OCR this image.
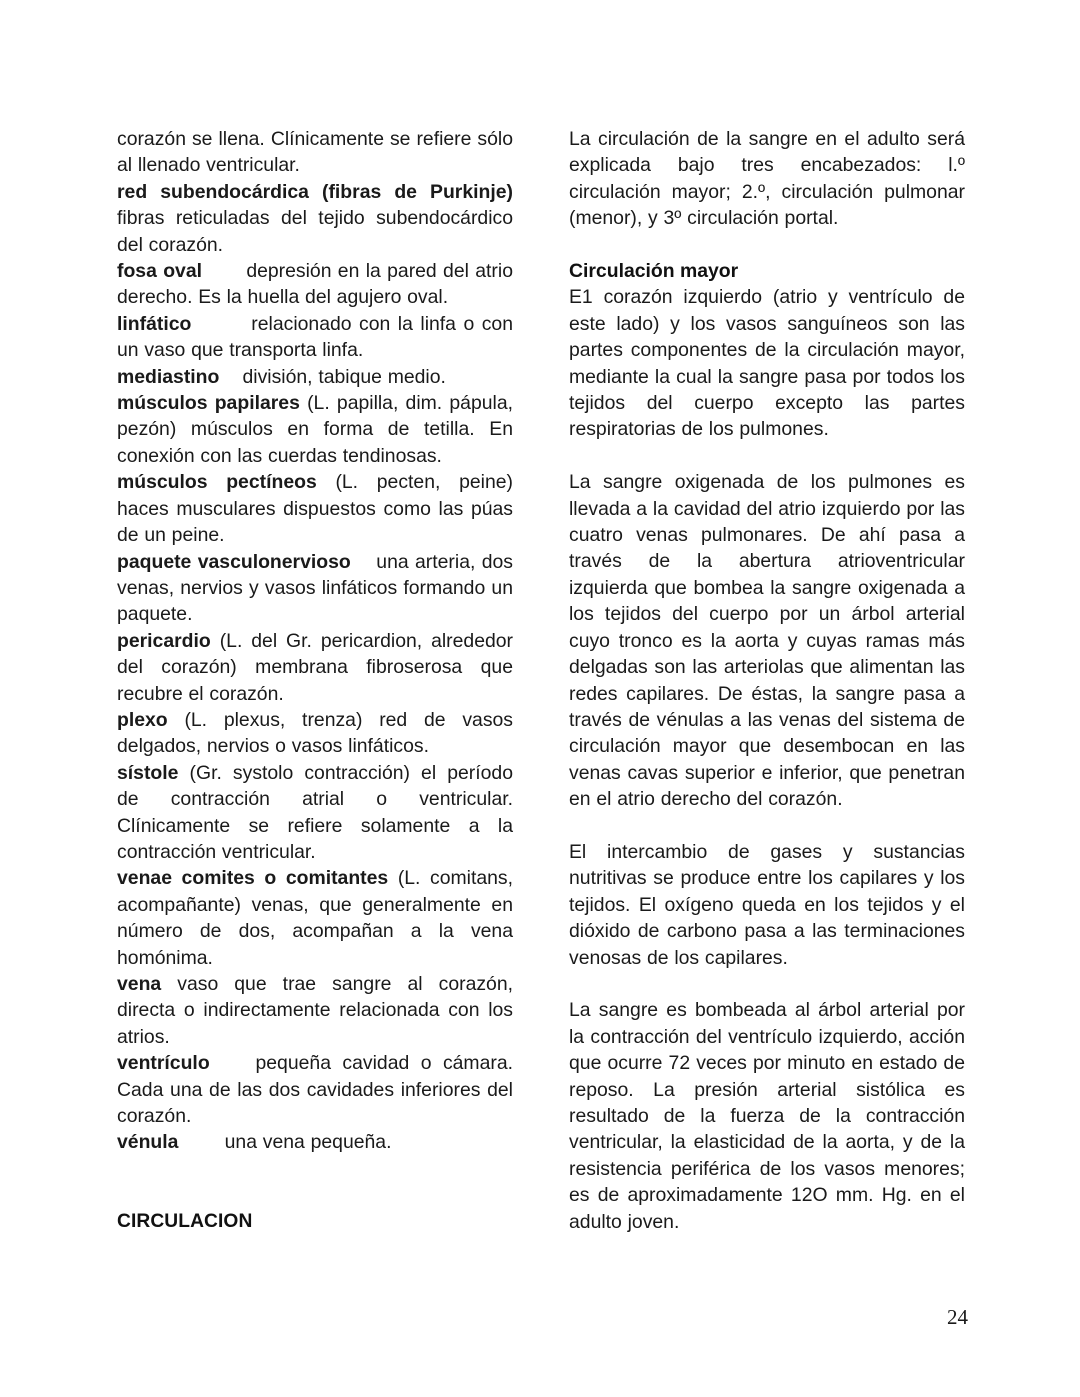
corazón se llena. Clínicamente se refiere sólo al llenado ventricular.

red subendocárdica (fibras de Purkinje) fibras reticuladas del tejido subendocárdico del corazón.

fosa oval depresión en la pared del atrio derecho. Es la huella del agujero oval.

linfático	relacionado con la linfa o con un vaso que transporta linfa.

mediastino división, tabique medio.

músculos papilares (L. papilla, dim. pápula, pezón) músculos en forma de tetilla. En conexión con las cuerdas tendinosas.

músculos pectíneos (L. pecten, peine) haces musculares dispuestos como las púas de un peine.

paquete vasculonervioso una arteria, dos venas, nervios y vasos linfáticos formando un paquete.

pericardio (L. del Gr. pericardion, alrededor del corazón) membrana fibroserosa que recubre el corazón.

plexo (L. plexus, trenza) red de vasos delgados, nervios o vasos linfáticos.

sístole (Gr. systolo contracción) el período de contracción atrial o ventricular. Clínicamente se refiere solamente a la contracción ventricular.

venae comites o comitantes (L. comitans, acompañante) venas, que generalmente en número de dos, acompañan a la vena homónima.

vena vaso que trae sangre al corazón, directa o indirectamente relacionada con los atrios.

ventrículo pequeña cavidad o cámara. Cada una de las dos cavidades inferiores del corazón.

vénula una vena pequeña.

CIRCULACION

La circulación de la sangre en el adulto será explicada bajo tres encabezados: l.º circulación mayor; 2.º, circulación pulmonar (menor), y 3º circulación portal.

Circulación mayor

E1 corazón izquierdo (atrio y ventrículo de este lado) y los vasos sanguíneos son las partes componentes de la circulación mayor, mediante la cual la sangre pasa por todos los tejidos del cuerpo excepto las partes respiratorias de los pulmones.

La sangre oxigenada de los pulmones es llevada a la cavidad del atrio izquierdo por las cuatro venas pulmonares. De ahí pasa a través de la abertura atrioventricular izquierda que bombea la sangre oxigenada a los tejidos del cuerpo por un árbol arterial cuyo tronco es la aorta y cuyas ramas más delgadas son las arteriolas que alimentan las redes capilares. De éstas, la sangre pasa a través de vénulas a las venas del sistema de circulación mayor que desembocan en las venas cavas superior e inferior, que penetran en el atrio derecho del corazón.

El intercambio de gases y sustancias nutritivas se produce entre los capilares y los tejidos. El oxígeno queda en los tejidos y el dióxido de carbono pasa a las terminaciones venosas de los capilares.

La sangre es bombeada al árbol arterial por la contracción del ventrículo izquierdo, acción que ocurre 72 veces por minuto en estado de reposo. La presión arterial sistólica es resultado de la fuerza de la contracción ventricular, la elasticidad de la aorta, y de la resistencia periférica de los vasos menores; es de aproximadamente 12O mm. Hg. en el adulto joven.

24
